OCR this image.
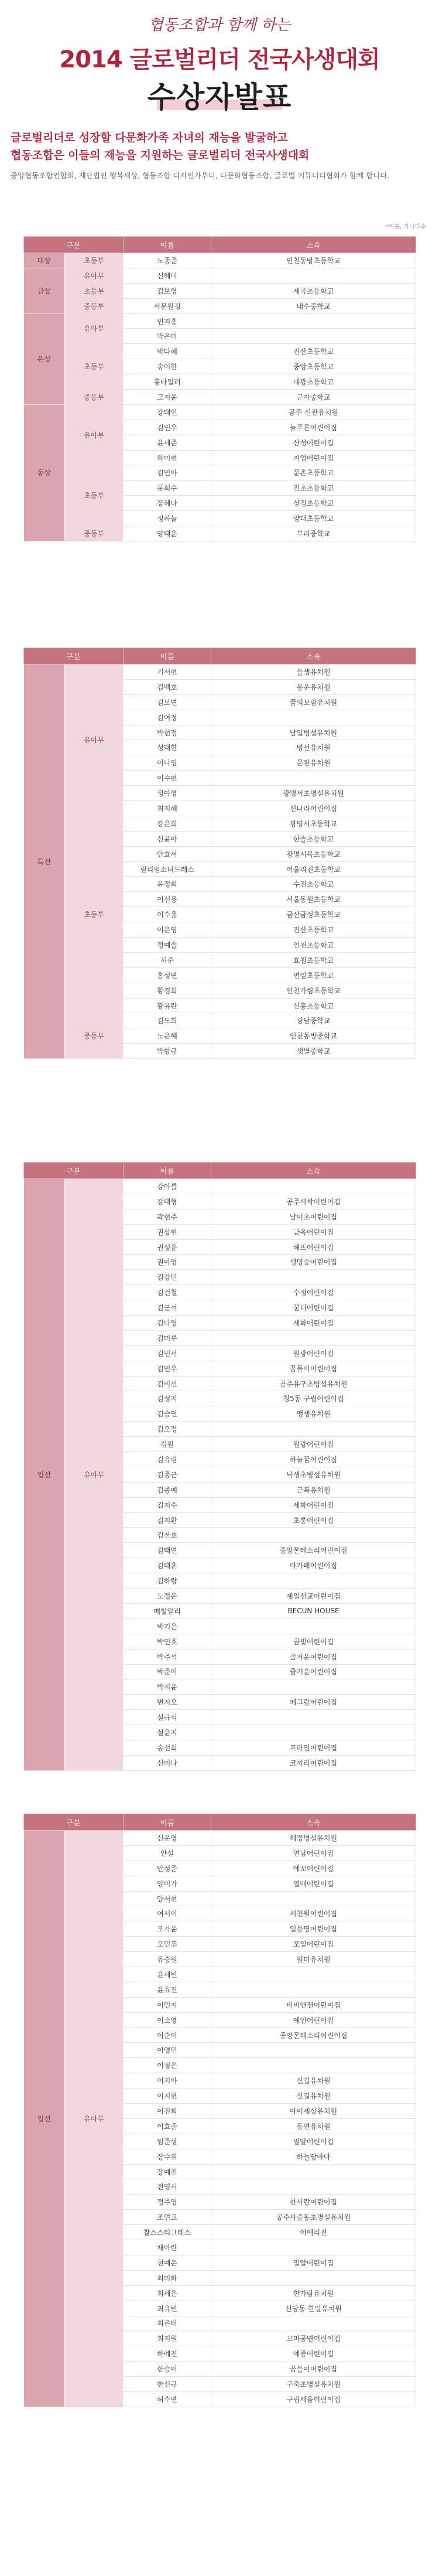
협동조합과 함께 하는
2014 글로벌리더 전국사생대회
수상자발표
글로벌리더로 성장할 다문화가족 자녀의 재능을 발굴하고
협동조합은 이들의 재능을 지원하는 글로벌리더 전국사생대회
중앙협동조합연합회, 재단법인 행복세상, 협동조합 디자인가우디, 다문화협동조합, 글로벌 커뮤니티협회가 함께 합니다.
*이름, 가나다순
구분		이름	소속
대상	초등부	노종준	인천동방초등학교
금상	유아부	신혜미	
	초등부	김보영	세곡초등학교
	중등부	서문원정	내수중학교
은상	유아부	민지홍	
		박은미	
	초등부	박다혜	진산초등학교
		송이한	중앙초등학교
		홍타일러	대광초등학교
	중등부	고지윤	군자중학교
동상	유아부	강대인	공주 신관유치원
		김민우	늘푸른어린이집
		윤세준	산성어린이집
		하미현	지엄어린이집
	초등부	김민아	문촌초등학교
		문희수	진초초등학교
		장혜나	상정초등학교
		정하늘	양대초등학교
	중등부	양태운	부리중학교
구분		이름	소속
특선	유아부	기서현	들샘유치원
		김백호	용운유치원
		김보연	꿈의보람유치원
		김여정	
		박현정	남일병설유치원
		성대한	병선유치원
		이나영	문광유치원
		이수현	
		정아영	광명서초병설유치원
		최지혜	신나라어린이집
	초등부	강은희	광명서초등학교
		신윤아	한솔초등학교
		안효서	광명시목초등학교
		릴리엄소녀드레스	어울리진초등학교
		윤정희	수진초등학교
		이선용	서울동원초등학교
		이수용	금산금성초등학교
		이은영	진산초등학교
		정예솔	인천초등학교
		허준	효원초등학교
		홍성연	면일초등학교
		황경희	인천가림초등학교
		황유란	신흥초등학교
	중등부	김도희	광남중학교
		노은혜	인천동방중학교
		박향규	샛별중학교
구분		이름	소속
입선	유아부	강아름	
		강태형	공주새싹어린이집
		곽현주	남이초어린이집
		권상현	금옥어린이집
		권성윤	해뜨어린이집
		권아영	생명숲어린이집
		김강민	
		김건철	수정어린이집
		김군석	꿈터어린이집
		김다영	세화어린이집
		김미루	
		김민서	원광어린이집
		김민우	꿈돌이어린이집
		김비선	공주유구초병설유치원
		김성지	청5동 구립어린이집
		김승연	맹생유치원
		김오정	
		김원	원광어린이집
		김유림	하늘꿈어린이집
		김종근	낙생초병설유치원
		김종예	근복유치원
		김지수	세화어린이집
		김지환	초롱어린이집
		김찬호	
		김태연	중앙몬테소리어린이집
		김태훈	아가페어린이집
		김하랑	
		노정은	제일선교어린이집
		메혈알리	BECUN HOUSE
		박기은	
		박민호	금빛어린이집
		박주석	즐거운어린이집
		박준이	즐거운어린이집
		박지윤	
		변지오	페그랑어린이집
		설규석	
		설윤지	
		송선희	프라임어린이집
		신미나	코끼리어린이집
구분		이름	소속
입선	유아부	신운영	해정병설유치원
		안설	연남어린이집
		안성준	예꼬어린이집
		양미가	열매어린이집
		양서현	
		여서이	서천월어린이집
		오가윤	일등명어린이집
		오민후	포일어린이집
		유승원	원미유치원
		윤세빈	
		윤효진	
		이민지	비비앤젠어린이집
		이소영	예인어린이집
		이순이	중앙몬테소리어린이집
		이영민	
		이정은	
		이지아	신길유치원
		이지현	신길유치원
		이진희	아이세상유치원
		이효준	동연유치원
		임준성	밀알어린이집
		장수위	하늘땅바다
		장예진	
		전영서	
		정주영	한사랑어린이집
		조연교	공주사중동초병설유치원
		찰스스티그레스	어예리진
		채아란	
		천예은	밀알어린이집
		최미화	
		최세은	한가람유치원
		최유빈	신당동 한일유치원
		최은비	
		최지원	꼬마공연어린이집
		하예진	예증어린이집
		한승이	꿈돌이어린이집
		한신규	구축초병설유치원
		허수연	구립세움어린이집
